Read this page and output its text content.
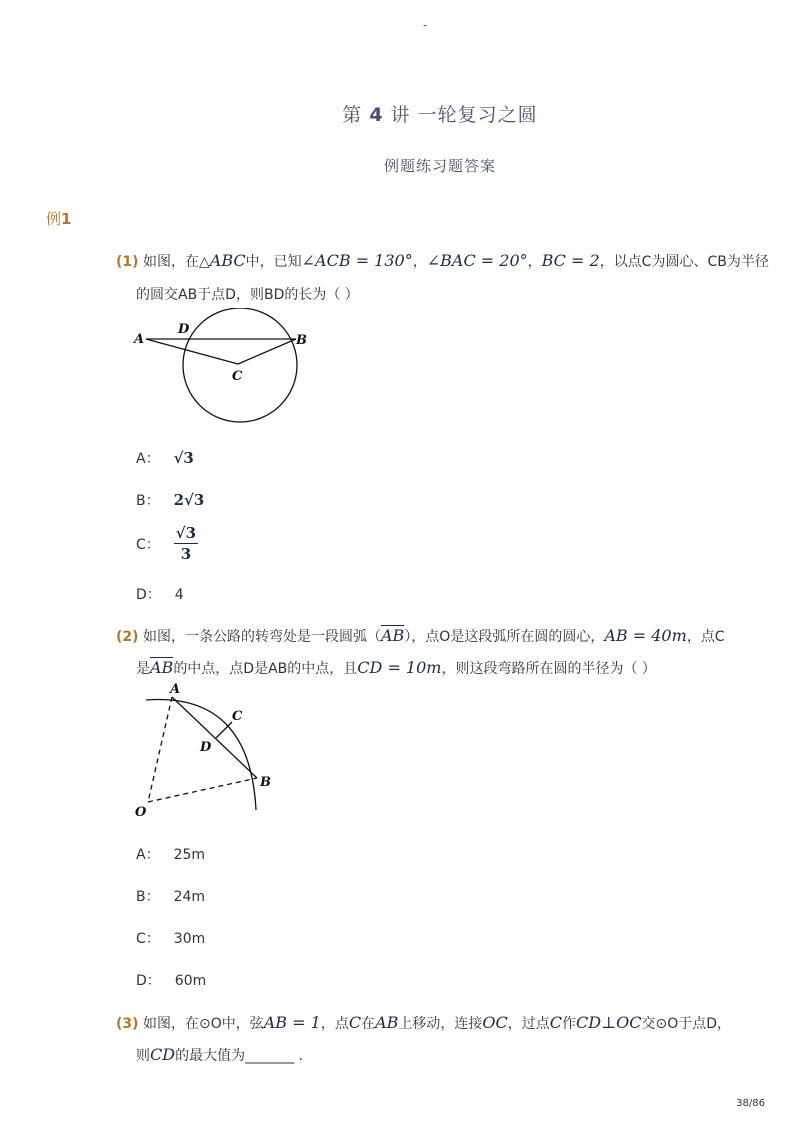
-
第 4 讲 一轮复习之圆
例题练习题答案
例1
(1) 如图，在△ABC中，已知∠ACB = 130°，∠BAC = 20°，BC = 2，以点C为圆心、CB为半径
的圆交AB于点D，则BD的长为（ ）
A
D
B
C
A： √3
B： 2√3
C： $\frac{√3}{3}$
D： 4
(2) 如图，一条公路的转弯处是一段圆弧$(\overline{AB})$，点O是这段弧所在圆的圆心，AB = 40m，点C
是$\overline{AB}$的中点，点D是AB的中点，且CD = 10m，则这段弯路所在圆的半径为（ ）
A
C
D
B
O
A： 25m
B： 24m
C： 30m
D： 60m
(3) 如图，在⊙O中，弦AB = 1，点C在AB上移动，连接OC，过点C作CD⊥OC交⊙O于点D，
则CD的最大值为_______ .
38/86
